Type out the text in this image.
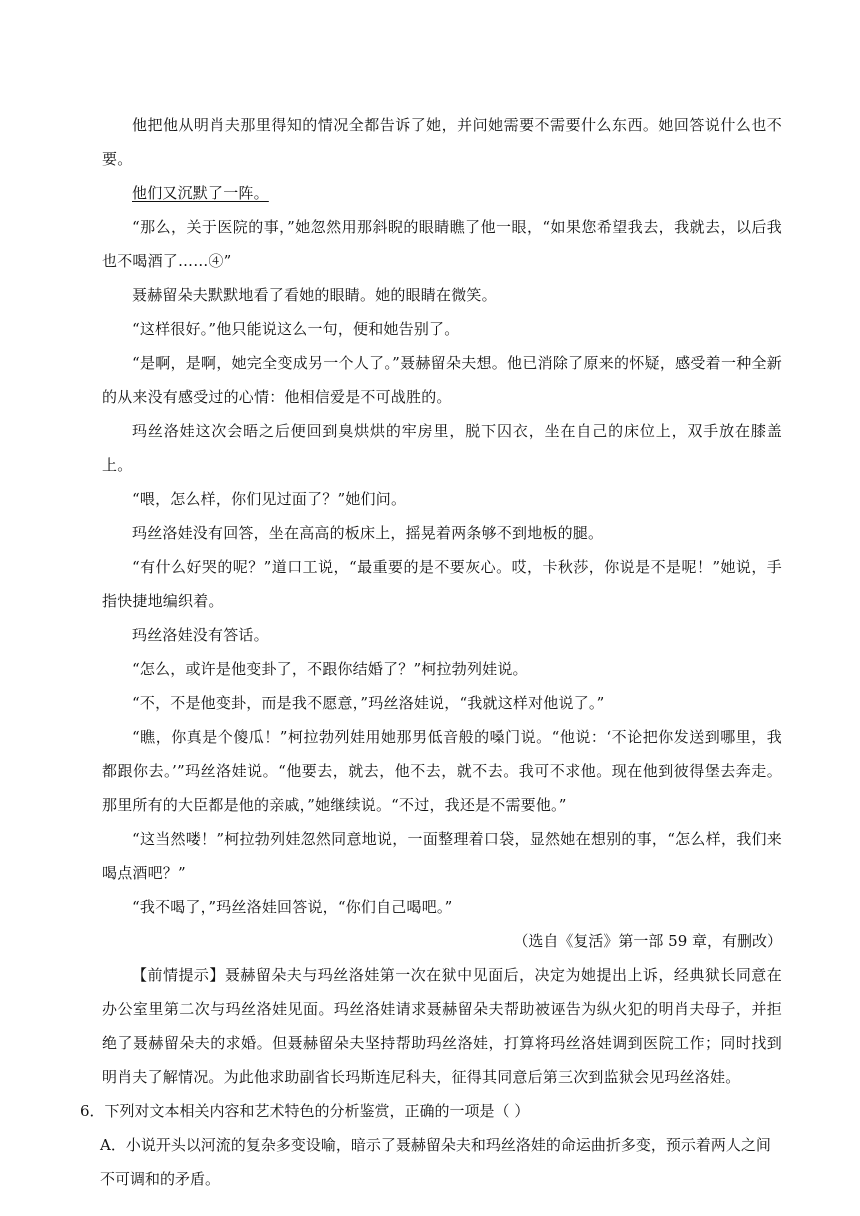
他把他从明肖夫那里得知的情况全都告诉了她，并问她需要不需要什么东西。她回答说什么也不要。

他们又沉默了一阵。

“那么，关于医院的事，”她忽然用那斜睨的眼睛瞧了他一眼，“如果您希望我去，我就去，以后我也不喝酒了……④”

聂赫留朵夫默默地看了看她的眼睛。她的眼睛在微笑。

“这样很好。”他只能说这么一句，便和她告别了。

“是啊，是啊，她完全变成另一个人了。”聂赫留朵夫想。他已消除了原来的怀疑，感受着一种全新的从来没有感受过的心情：他相信爱是不可战胜的。

玛丝洛娃这次会晤之后便回到臭烘烘的牢房里，脱下囚衣，坐在自己的床位上，双手放在膝盖上。

“喂，怎么样，你们见过面了？”她们问。

玛丝洛娃没有回答，坐在高高的板床上，摇晃着两条够不到地板的腿。

“有什么好哭的呢？”道口工说，“最重要的是不要灰心。哎，卡秋莎，你说是不是呢！”她说，手指快捷地编织着。

玛丝洛娃没有答话。

“怎么，或许是他变卦了，不跟你结婚了？”柯拉勃列娃说。

“不，不是他变卦，而是我不愿意，”玛丝洛娃说，“我就这样对他说了。”

“瞧，你真是个傻瓜！”柯拉勃列娃用她那男低音般的嗓门说。“他说：‘不论把你发送到哪里，我都跟你去。’”玛丝洛娃说。“他要去，就去，他不去，就不去。我可不求他。现在他到彼得堡去奔走。那里所有的大臣都是他的亲戚，”她继续说。“不过，我还是不需要他。”

“这当然喽！”柯拉勃列娃忽然同意地说，一面整理着口袋，显然她在想别的事，“怎么样，我们来喝点酒吧？”

“我不喝了，”玛丝洛娃回答说，“你们自己喝吧。”

（选自《复活》第一部 59 章，有删改）

【前情提示】聂赫留朵夫与玛丝洛娃第一次在狱中见面后，决定为她提出上诉，经典狱长同意在办公室里第二次与玛丝洛娃见面。玛丝洛娃请求聂赫留朵夫帮助被诬告为纵火犯的明肖夫母子，并拒绝了聂赫留朵夫的求婚。但聂赫留朵夫坚持帮助玛丝洛娃，打算将玛丝洛娃调到医院工作；同时找到明肖夫了解情况。为此他求助副省长玛斯连尼科夫，征得其同意后第三次到监狱会见玛丝洛娃。

6．下列对文本相关内容和艺术特色的分析鉴赏，正确的一项是（ ）

A．小说开头以河流的复杂多变设喻，暗示了聂赫留朵夫和玛丝洛娃的命运曲折多变，预示着两人之间不可调和的矛盾。
